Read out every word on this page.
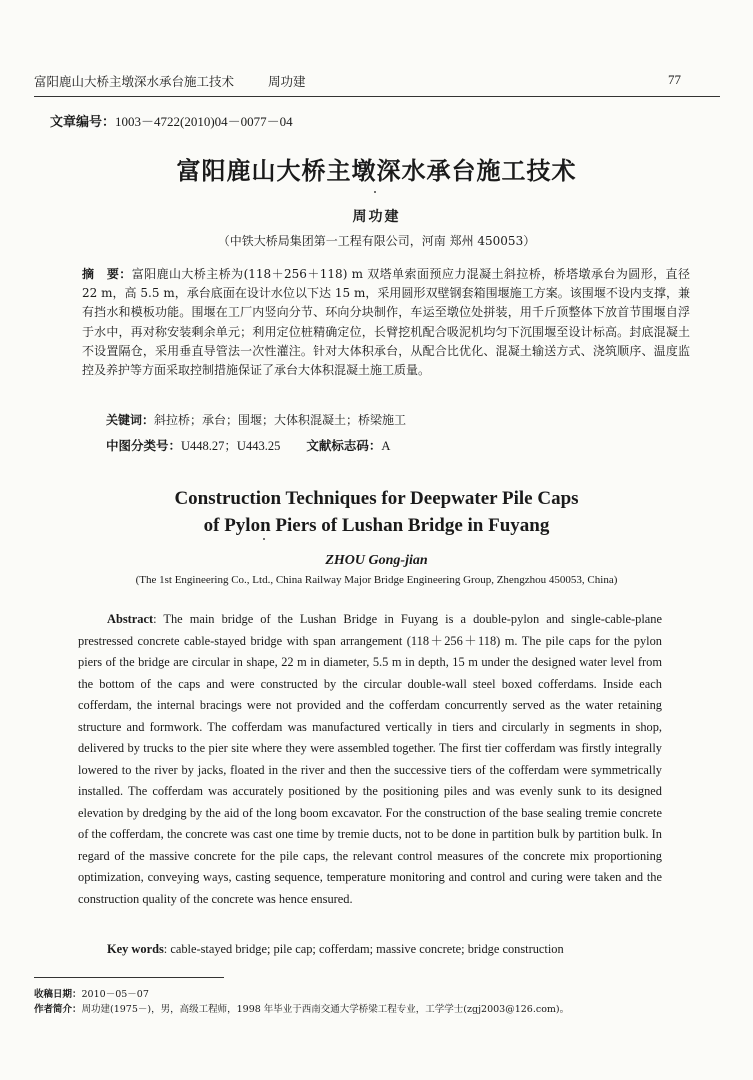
富阳鹿山大桥主墩深水承台施工技术	周功建	77
文章编号：1003－4722(2010)04－0077－04
富阳鹿山大桥主墩深水承台施工技术
周功建
（中铁大桥局集团第一工程有限公司，河南 郑州 450053）
摘　要：富阳鹿山大桥主桥为(118＋256＋118) m 双塔单索面预应力混凝土斜拉桥，桥塔墩承台为圆形，直径 22 m，高 5.5 m，承台底面在设计水位以下达 15 m，采用圆形双壁钢套箱围堰施工方案。该围堰不设内支撑，兼有挡水和模板功能。围堰在工厂内竖向分节、环向分块制作，车运至墩位处拼装，用千斤顶整体下放首节围堰自浮于水中，再对称安装剩余单元；利用定位桩精确定位，长臂挖机配合吸泥机均匀下沉围堰至设计标高。封底混凝土不设置隔仓，采用垂直导管法一次性灌注。针对大体积承台，从配合比优化、混凝土输送方式、浇筑顺序、温度监控及养护等方面采取控制措施保证了承台大体积混凝土施工质量。
关键词：斜拉桥；承台；围堰；大体积混凝土；桥梁施工
中图分类号：U448.27；U443.25 文献标志码：A
Construction Techniques for Deepwater Pile Caps
of Pylon Piers of Lushan Bridge in Fuyang
ZHOU Gong-jian
(The 1st Engineering Co., Ltd., China Railway Major Bridge Engineering Group, Zhengzhou 450053, China)
Abstract: The main bridge of the Lushan Bridge in Fuyang is a double-pylon and single-cable-plane prestressed concrete cable-stayed bridge with span arrangement (118＋256＋118) m. The pile caps for the pylon piers of the bridge are circular in shape, 22 m in diameter, 5.5 m in depth, 15 m under the designed water level from the bottom of the caps and were constructed by the circular double-wall steel boxed cofferdams. Inside each cofferdam, the internal bracings were not provided and the cofferdam concurrently served as the water retaining structure and formwork. The cofferdam was manufactured vertically in tiers and circularly in segments in shop, delivered by trucks to the pier site where they were assembled together. The first tier cofferdam was firstly integrally lowered to the river by jacks, floated in the river and then the successive tiers of the cofferdam were symmetrically installed. The cofferdam was accurately positioned by the positioning piles and was evenly sunk to its designed elevation by dredging by the aid of the long boom excavator. For the construction of the base sealing tremie concrete of the cofferdam, the concrete was cast one time by tremie ducts, not to be done in partition bulk by partition bulk. In regard of the massive concrete for the pile caps, the relevant control measures of the concrete mix proportioning optimization, conveying ways, casting sequence, temperature monitoring and control and curing were taken and the construction quality of the concrete was hence ensured.
Key words: cable-stayed bridge; pile cap; cofferdam; massive concrete; bridge construction
收稿日期：2010－05－07
作者简介：周功建(1975－)，男，高级工程师，1998 年毕业于西南交通大学桥梁工程专业，工学学士(zgj2003@126.com)。
